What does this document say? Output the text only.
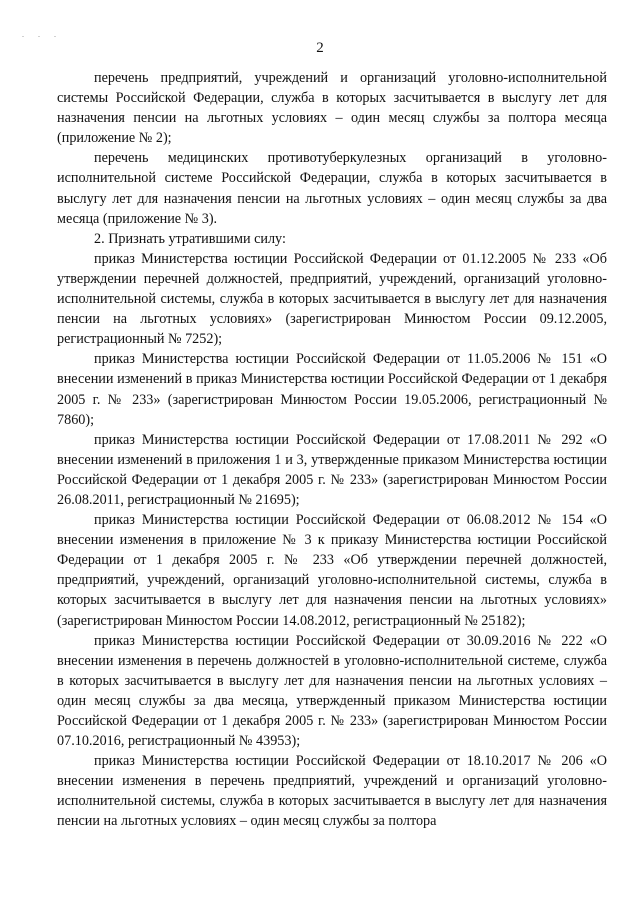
. . .
2

перечень предприятий, учреждений и организаций уголовно-исполнительной системы Российской Федерации, служба в которых засчитывается в выслугу лет для назначения пенсии на льготных условиях – один месяц службы за полтора месяца (приложение № 2);

перечень медицинских противотуберкулезных организаций в уголовно-исполнительной системе Российской Федерации, служба в которых засчитывается в выслугу лет для назначения пенсии на льготных условиях – один месяц службы за два месяца (приложение № 3).

2. Признать утратившими силу:

приказ Министерства юстиции Российской Федерации от 01.12.2005 № 233 «Об утверждении перечней должностей, предприятий, учреждений, организаций уголовно-исполнительной системы, служба в которых засчитывается в выслугу лет для назначения пенсии на льготных условиях» (зарегистрирован Минюстом России 09.12.2005, регистрационный № 7252);

приказ Министерства юстиции Российской Федерации от 11.05.2006 № 151 «О внесении изменений в приказ Министерства юстиции Российской Федерации от 1 декабря 2005 г. № 233» (зарегистрирован Минюстом России 19.05.2006, регистрационный № 7860);

приказ Министерства юстиции Российской Федерации от 17.08.2011 № 292 «О внесении изменений в приложения 1 и 3, утвержденные приказом Министерства юстиции Российской Федерации от 1 декабря 2005 г. № 233» (зарегистрирован Минюстом России 26.08.2011, регистрационный № 21695);

приказ Министерства юстиции Российской Федерации от 06.08.2012 № 154 «О внесении изменения в приложение № 3 к приказу Министерства юстиции Российской Федерации от 1 декабря 2005 г. № 233 «Об утверждении перечней должностей, предприятий, учреждений, организаций уголовно-исполнительной системы, служба в которых засчитывается в выслугу лет для назначения пенсии на льготных условиях» (зарегистрирован Минюстом России 14.08.2012, регистрационный № 25182);

приказ Министерства юстиции Российской Федерации от 30.09.2016 № 222 «О внесении изменения в перечень должностей в уголовно-исполнительной системе, служба в которых засчитывается в выслугу лет для назначения пенсии на льготных условиях – один месяц службы за два месяца, утвержденный приказом Министерства юстиции Российской Федерации от 1 декабря 2005 г. № 233» (зарегистрирован Минюстом России 07.10.2016, регистрационный № 43953);

приказ Министерства юстиции Российской Федерации от 18.10.2017 № 206 «О внесении изменения в перечень предприятий, учреждений и организаций уголовно-исполнительной системы, служба в которых засчитывается в выслугу лет для назначения пенсии на льготных условиях – один месяц службы за полтора
